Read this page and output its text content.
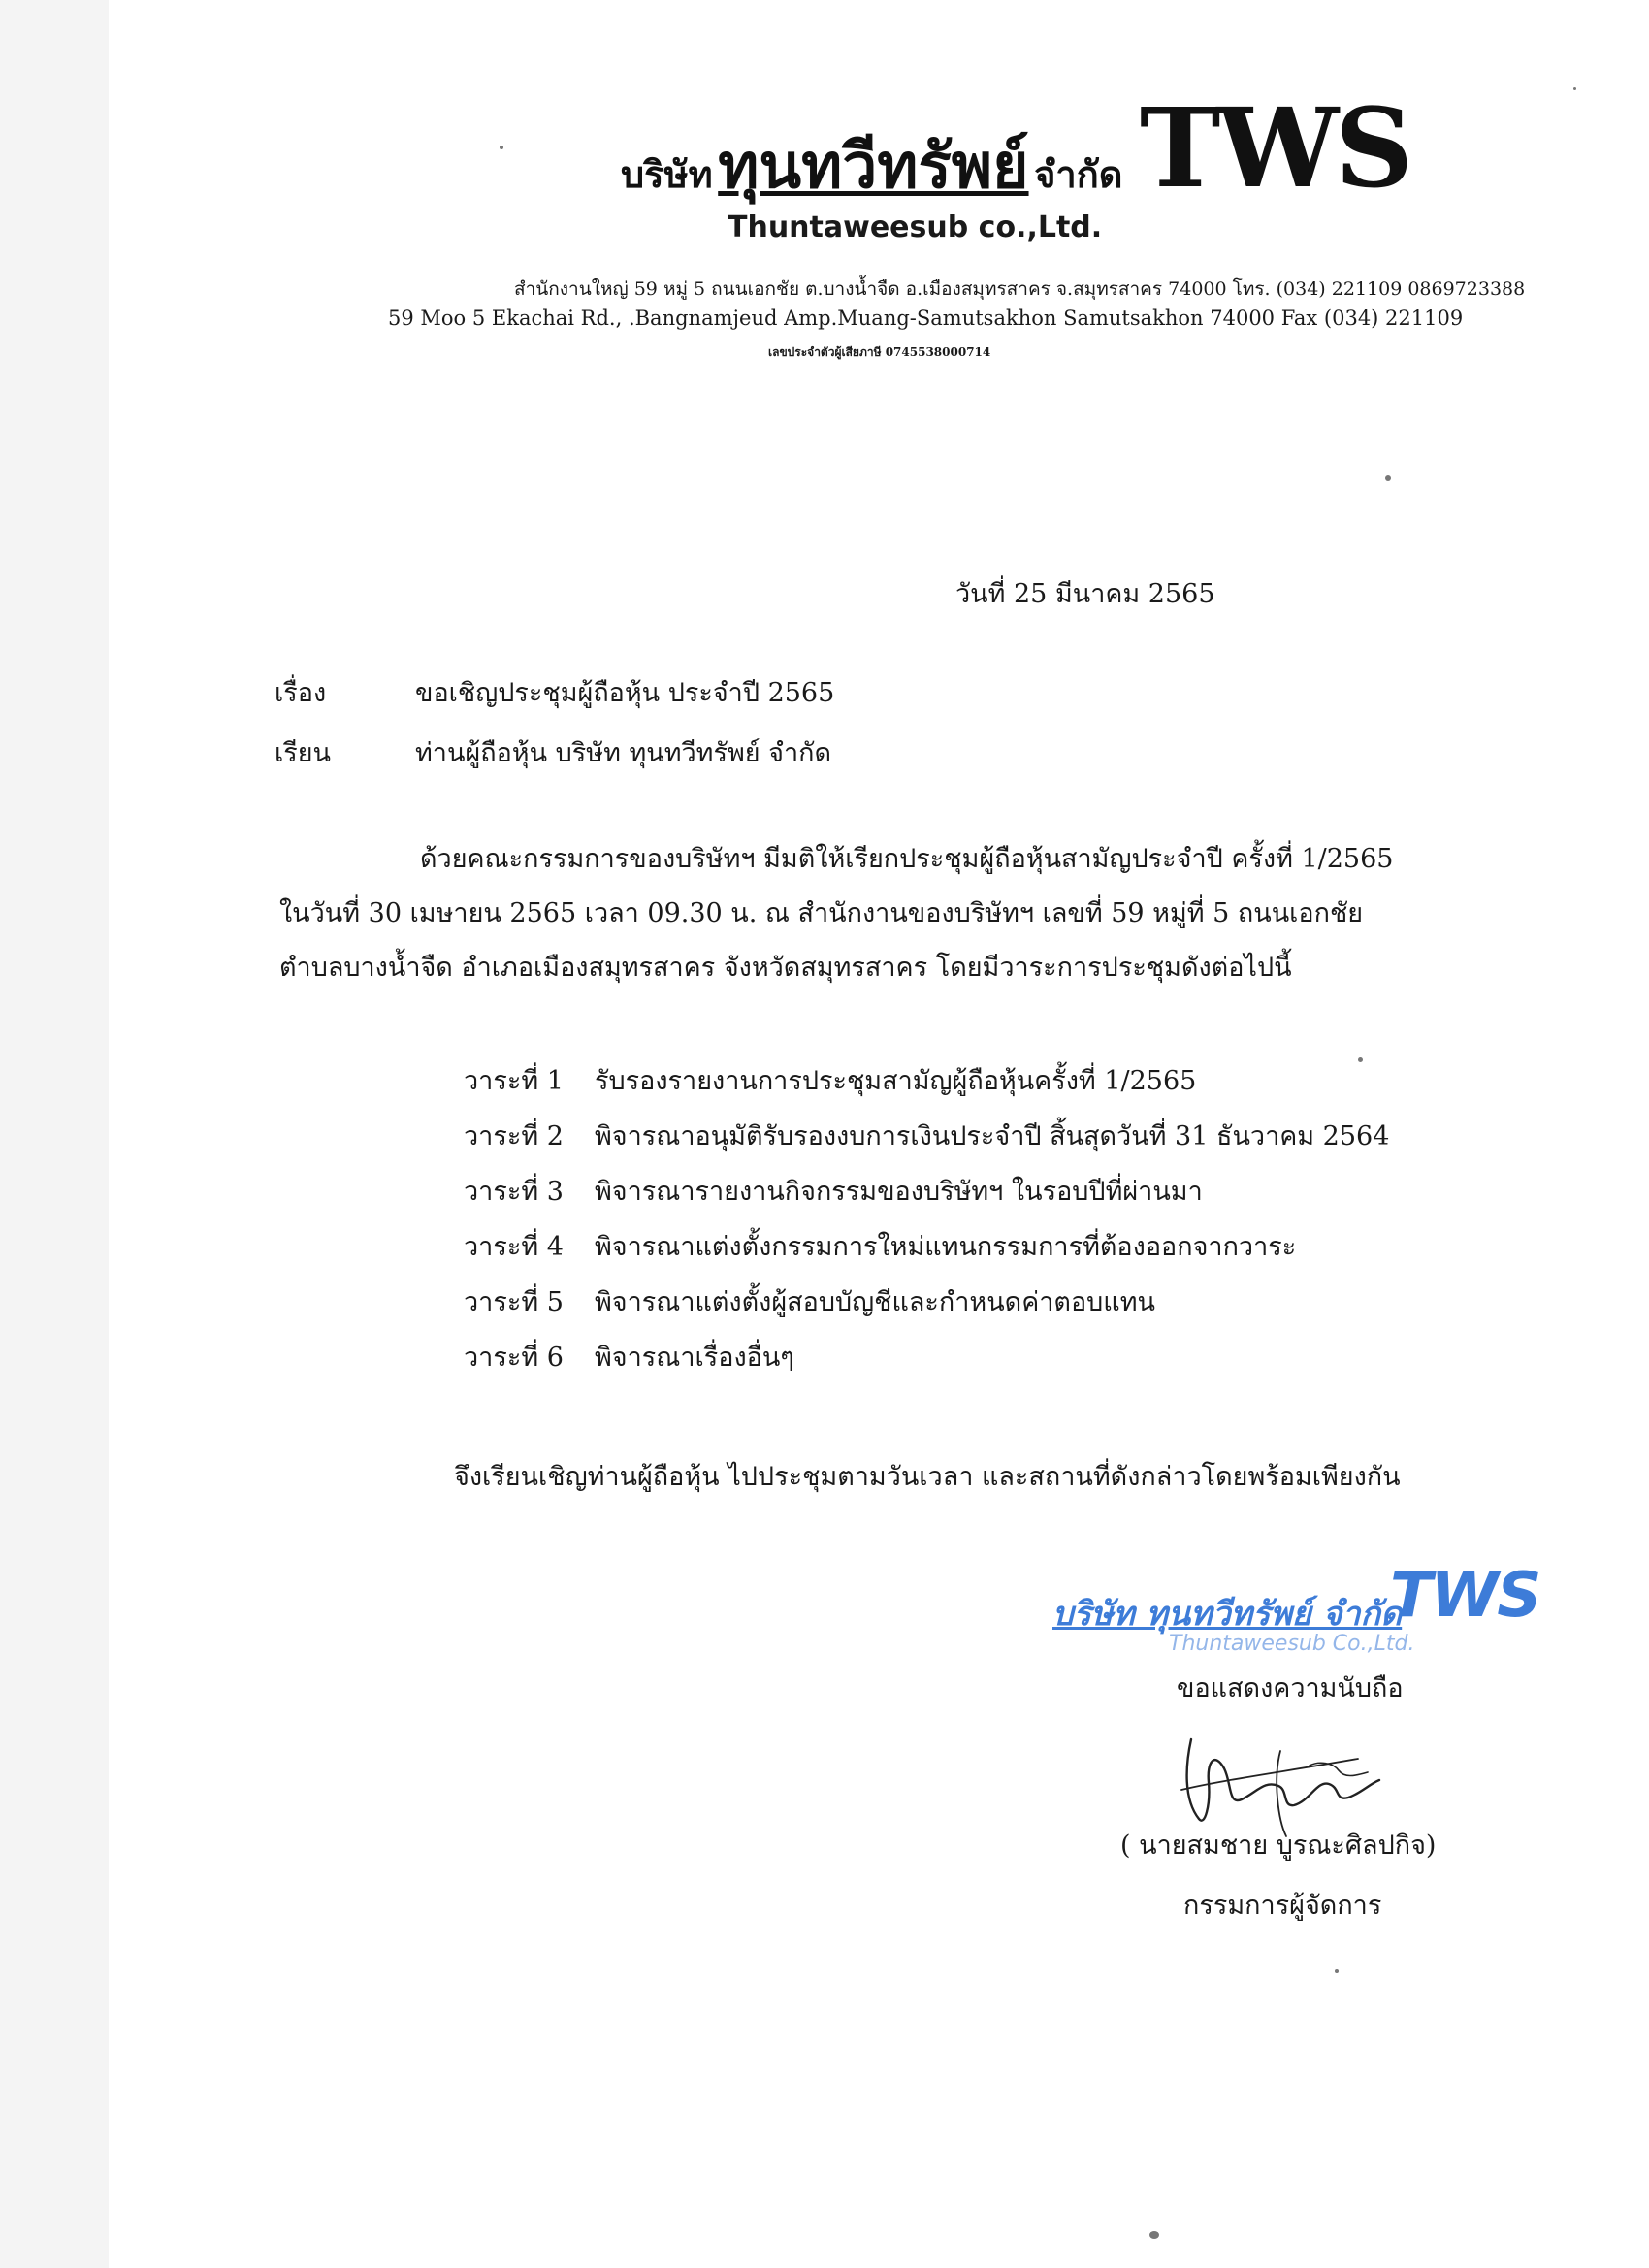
บริษัท ทุนทวีทรัพย์ จำกัด TWS
Thuntaweesub co.,Ltd.
สำนักงานใหญ่ 59 หมู่ 5 ถนนเอกชัย ต.บางน้ำจืด อ.เมืองสมุทรสาคร จ.สมุทรสาคร 74000 โทร. (034) 221109 0869723388
59 Moo 5 Ekachai Rd., .Bangnamjeud Amp.Muang-Samutsakhon Samutsakhon 74000 Fax (034) 221109
เลขประจำตัวผู้เสียภาษี 0745538000714
วันที่ 25 มีนาคม 2565
เรื่อง	ขอเชิญประชุมผู้ถือหุ้น ประจำปี 2565
เรียน	ท่านผู้ถือหุ้น บริษัท ทุนทวีทรัพย์ จำกัด

ด้วยคณะกรรมการของบริษัทฯ มีมติให้เรียกประชุมผู้ถือหุ้นสามัญประจำปี ครั้งที่ 1/2565

ในวันที่ 30 เมษายน 2565 เวลา 09.30 น. ณ สำนักงานของบริษัทฯ เลขที่ 59 หมู่ที่ 5 ถนนเอกชัย

ตำบลบางน้ำจืด อำเภอเมืองสมุทรสาคร จังหวัดสมุทรสาคร โดยมีวาระการประชุมดังต่อไปนี้

วาระที่ 1 รับรองรายงานการประชุมสามัญผู้ถือหุ้นครั้งที่ 1/2565
วาระที่ 2 พิจารณาอนุมัติรับรองงบการเงินประจำปี สิ้นสุดวันที่ 31 ธันวาคม 2564
วาระที่ 3 พิจารณารายงานกิจกรรมของบริษัทฯ ในรอบปีที่ผ่านมา
วาระที่ 4 พิจารณาแต่งตั้งกรรมการใหม่แทนกรรมการที่ต้องออกจากวาระ
วาระที่ 5 พิจารณาแต่งตั้งผู้สอบบัญชีและกำหนดค่าตอบแทน
วาระที่ 6 พิจารณาเรื่องอื่นๆ
จึงเรียนเชิญท่านผู้ถือหุ้น ไปประชุมตามวันเวลา และสถานที่ดังกล่าวโดยพร้อมเพียงกัน
บริษัท ทุนทวีทรัพย์ จำกัด
TWS
Thuntaweesub Co.,Ltd.
ขอแสดงความนับถือ
( นายสมชาย บูรณะศิลปกิจ)
กรรมการผู้จัดการ
